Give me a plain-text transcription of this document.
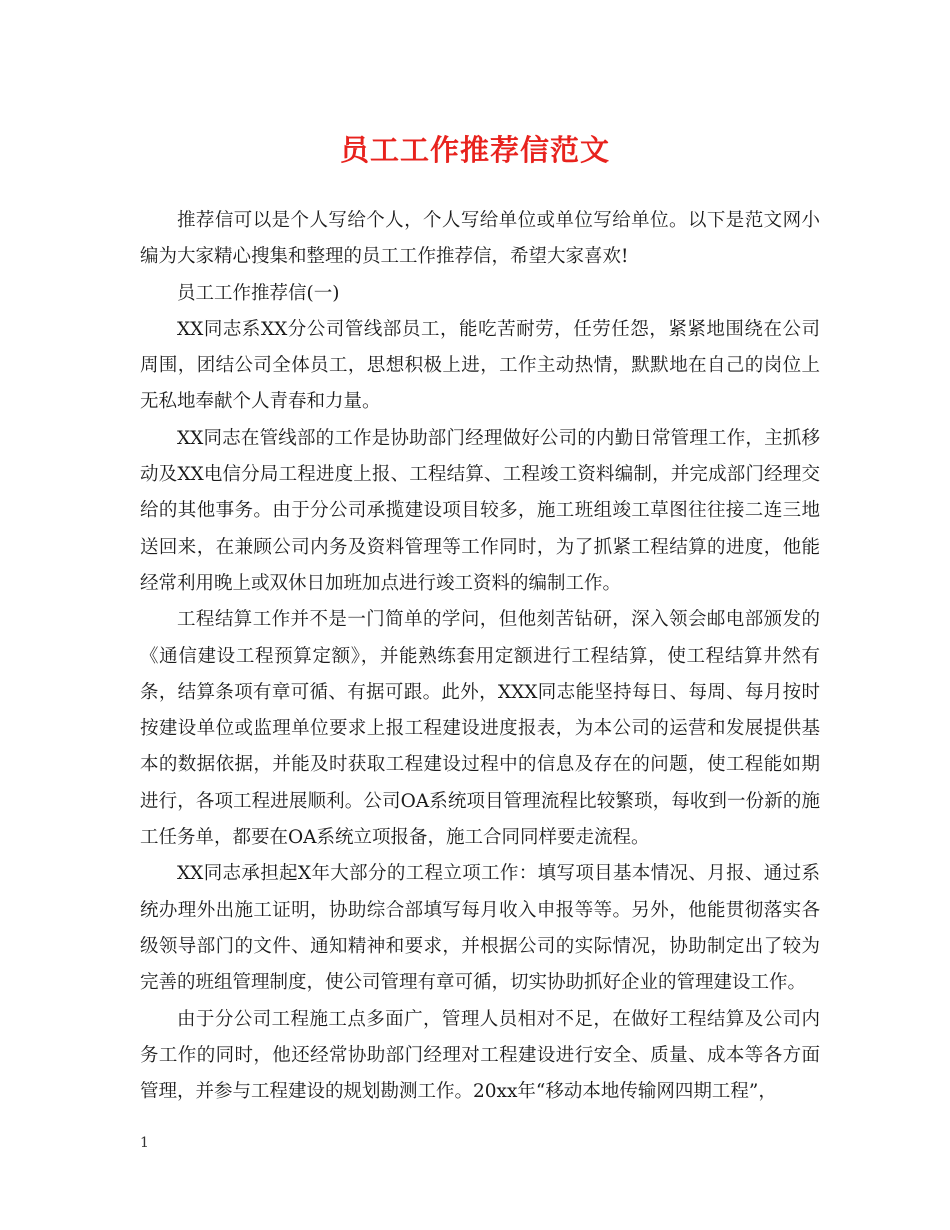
员工工作推荐信范文

推荐信可以是个人写给个人，个人写给单位或单位写给单位。以下是范文网小编为大家精心搜集和整理的员工工作推荐信，希望大家喜欢!

员工工作推荐信(一)

XX同志系XX分公司管线部员工，能吃苦耐劳，任劳任怨，紧紧地围绕在公司周围，团结公司全体员工，思想积极上进，工作主动热情，默默地在自己的岗位上无私地奉献个人青春和力量。

XX同志在管线部的工作是协助部门经理做好公司的内勤日常管理工作，主抓移动及XX电信分局工程进度上报、工程结算、工程竣工资料编制，并完成部门经理交给的其他事务。由于分公司承揽建设项目较多，施工班组竣工草图往往接二连三地送回来，在兼顾公司内务及资料管理等工作同时，为了抓紧工程结算的进度，他能经常利用晚上或双休日加班加点进行竣工资料的编制工作。

工程结算工作并不是一门简单的学问，但他刻苦钻研，深入领会邮电部颁发的《通信建设工程预算定额》，并能熟练套用定额进行工程结算，使工程结算井然有条，结算条项有章可循、有据可跟。此外，XXX同志能坚持每日、每周、每月按时按建设单位或监理单位要求上报工程建设进度报表，为本公司的运营和发展提供基本的数据依据，并能及时获取工程建设过程中的信息及存在的问题，使工程能如期进行，各项工程进展顺利。公司OA系统项目管理流程比较繁琐，每收到一份新的施工任务单，都要在OA系统立项报备，施工合同同样要走流程。

XX同志承担起X年大部分的工程立项工作：填写项目基本情况、月报、通过系统办理外出施工证明，协助综合部填写每月收入申报等等。另外，他能贯彻落实各级领导部门的文件、通知精神和要求，并根据公司的实际情况，协助制定出了较为完善的班组管理制度，使公司管理有章可循，切实协助抓好企业的管理建设工作。

由于分公司工程施工点多面广，管理人员相对不足，在做好工程结算及公司内务工作的同时，他还经常协助部门经理对工程建设进行安全、质量、成本等各方面管理，并参与工程建设的规划勘测工作。20xx年“移动本地传输网四期工程”，

1
